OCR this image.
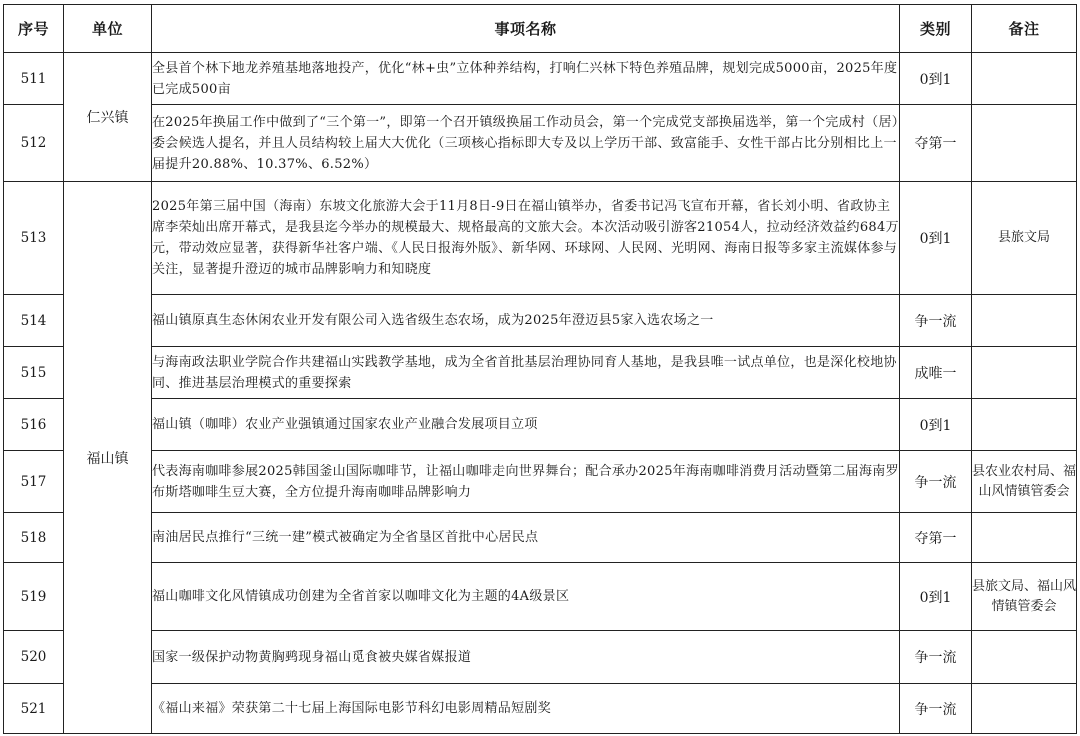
序号	单位	事项名称	类别	备注
511	仁兴镇	全县首个林下地龙养殖基地落地投产，优化“林+虫”立体种养结构，打响仁兴林下特色养殖品牌，规划完成5000亩，2025年度已完成500亩	0到1	
512		在2025年换届工作中做到了“三个第一”，即第一个召开镇级换届工作动员会，第一个完成党支部换届选举，第一个完成村（居）委会候选人提名，并且人员结构较上届大大优化（三项核心指标即大专及以上学历干部、致富能手、女性干部占比分别相比上一届提升20.88%、10.37%、6.52%）	夺第一	
513	福山镇	2025年第三届中国（海南）东坡文化旅游大会于11月8日-9日在福山镇举办，省委书记冯飞宣布开幕，省长刘小明、省政协主席李荣灿出席开幕式，是我县迄今举办的规模最大、规格最高的文旅大会。本次活动吸引游客21054人，拉动经济效益约684万元，带动效应显著，获得新华社客户端、《人民日报海外版》、新华网、环球网、人民网、光明网、海南日报等多家主流媒体参与关注，显著提升澄迈的城市品牌影响力和知晓度	0到1	县旅文局
514		福山镇原真生态休闲农业开发有限公司入选省级生态农场，成为2025年澄迈县5家入选农场之一	争一流	
515		与海南政法职业学院合作共建福山实践教学基地，成为全省首批基层治理协同育人基地，是我县唯一试点单位，也是深化校地协同、推进基层治理模式的重要探索	成唯一	
516		福山镇（咖啡）农业产业强镇通过国家农业产业融合发展项目立项	0到1	
517		代表海南咖啡参展2025韩国釜山国际咖啡节，让福山咖啡走向世界舞台；配合承办2025年海南咖啡消费月活动暨第二届海南罗布斯塔咖啡生豆大赛，全方位提升海南咖啡品牌影响力	争一流	县农业农村局、福山风情镇管委会
518		南油居民点推行“三统一建”模式被确定为全省垦区首批中心居民点	夺第一	
519		福山咖啡文化风情镇成功创建为全省首家以咖啡文化为主题的4A级景区	0到1	县旅文局、福山风情镇管委会
520		国家一级保护动物黄胸鹀现身福山觅食被央媒省媒报道	争一流	
521		《福山来福》荣获第二十七届上海国际电影节科幻电影周精品短剧奖	争一流	
